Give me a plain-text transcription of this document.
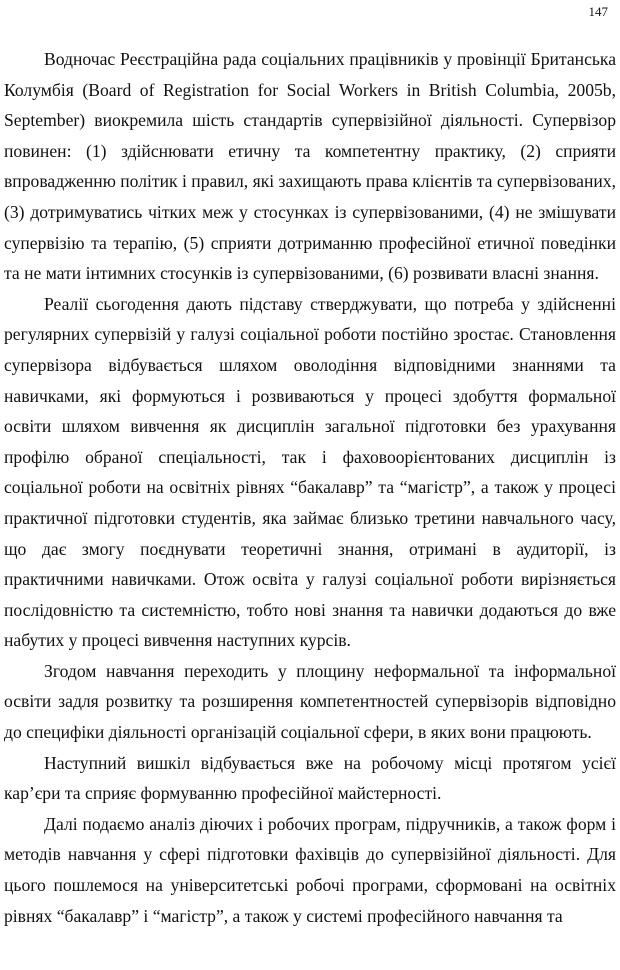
147

Водночас Реєстраційна рада соціальних працівників у провінції Британська Колумбія (Board of Registration for Social Workers in British Columbia, 2005b, September) виокремила шість стандартів супервізійної діяльності. Супервізор повинен: (1) здійснювати етичну та компетентну практику, (2) сприяти впровадженню політик і правил, які захищають права клієнтів та супервізованих, (3) дотримуватись чітких меж у стосунках із супервізованими, (4) не змішувати супервізію та терапію, (5) сприяти дотриманню професійної етичної поведінки та не мати інтимних стосунків із супервізованими, (6) розвивати власні знання.

Реалії сьогодення дають підставу стверджувати, що потреба у здійсненні регулярних супервізій у галузі соціальної роботи постійно зростає. Становлення супервізора відбувається шляхом оволодіння відповідними знаннями та навичками, які формуються і розвиваються у процесі здобуття формальної освіти шляхом вивчення як дисциплін загальної підготовки без урахування профілю обраної спеціальності, так і фаховоорієнтованих дисциплін із соціальної роботи на освітніх рівнях “бакалавр” та “магістр”, а також у процесі практичної підготовки студентів, яка займає близько третини навчального часу, що дає змогу поєднувати теоретичні знання, отримані в аудиторії, із практичними навичками. Отож освіта у галузі соціальної роботи вирізняється послідовністю та системністю, тобто нові знання та навички додаються до вже набутих у процесі вивчення наступних курсів.

Згодом навчання переходить у площину неформальної та інформальної освіти задля розвитку та розширення компетентностей супервізорів відповідно до специфіки діяльності організацій соціальної сфери, в яких вони працюють.

Наступний вишкіл відбувається вже на робочому місці протягом усієї кар’єри та сприяє формуванню професійної майстерності.

Далі подаємо аналіз діючих і робочих програм, підручників, а також форм і методів навчання у сфері підготовки фахівців до супервізійної діяльності. Для цього пошлемося на університетські робочі програми, сформовані на освітніх рівнях “бакалавр” і “магістр”, а також у системі професійного навчання та
